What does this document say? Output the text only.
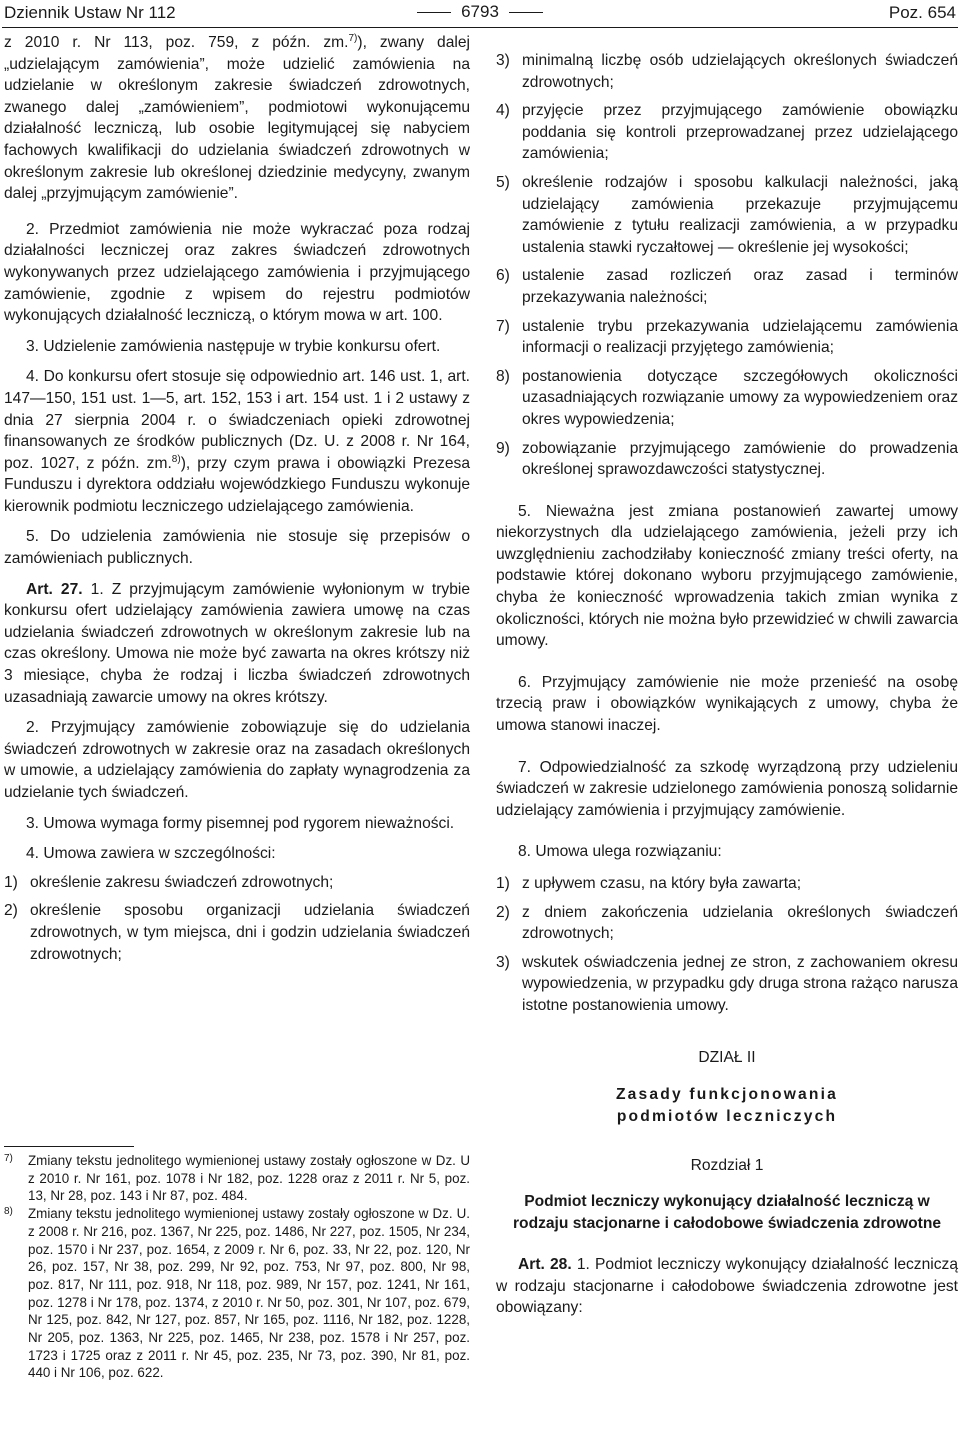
Dziennik Ustaw Nr 112	6793	Poz. 654

z 2010 r. Nr 113, poz. 759, z późn. zm.$^{7)}$), zwany dalej „udzielającym zamówienia”, może udzielić zamówienia na udzielanie w określonym zakresie świadczeń zdrowotnych, zwanego dalej „zamówieniem”, podmiotowi wykonującemu działalność leczniczą, lub osobie legitymującej się nabyciem fachowych kwalifikacji do udzielania świadczeń zdrowotnych w określonym zakresie lub określonej dziedzinie medycyny, zwanym dalej „przyjmującym zamówienie”.

2. Przedmiot zamówienia nie może wykraczać poza rodzaj działalności leczniczej oraz zakres świadczeń zdrowotnych wykonywanych przez udzielającego zamówienia i przyjmującego zamówienie, zgodnie z wpisem do rejestru podmiotów wykonujących działalność leczniczą, o którym mowa w art. 100.

3. Udzielenie zamówienia następuje w trybie konkursu ofert.

4. Do konkursu ofert stosuje się odpowiednio art. 146 ust. 1, art. 147—150, 151 ust. 1—5, art. 152, 153 i art. 154 ust. 1 i 2 ustawy z dnia 27 sierpnia 2004 r. o świadczeniach opieki zdrowotnej finansowanych ze środków publicznych (Dz. U. z 2008 r. Nr 164, poz. 1027, z późn. zm.$^{8)}$), przy czym prawa i obowiązki Prezesa Funduszu i dyrektora oddziału wojewódzkiego Funduszu wykonuje kierownik podmiotu leczniczego udzielającego zamówienia.

5. Do udzielenia zamówienia nie stosuje się przepisów o zamówieniach publicznych.

Art. 27. 1. Z przyjmującym zamówienie wyłonionym w trybie konkursu ofert udzielający zamówienia zawiera umowę na czas udzielania świadczeń zdrowotnych w określonym zakresie lub na czas określony. Umowa nie może być zawarta na okres krótszy niż 3 miesiące, chyba że rodzaj i liczba świadczeń zdrowotnych uzasadniają zawarcie umowy na okres krótszy.

2. Przyjmujący zamówienie zobowiązuje się do udzielania świadczeń zdrowotnych w zakresie oraz na zasadach określonych w umowie, a udzielający zamówienia do zapłaty wynagrodzenia za udzielanie tych świadczeń.

3. Umowa wymaga formy pisemnej pod rygorem nieważności.

4. Umowa zawiera w szczególności:

1) określenie zakresu świadczeń zdrowotnych;
2) określenie sposobu organizacji udzielania świadczeń zdrowotnych, w tym miejsca, dni i godzin udzielania świadczeń zdrowotnych;
7)	Zmiany tekstu jednolitego wymienionej ustawy zostały ogłoszone w Dz. U z 2010 r. Nr 161, poz. 1078 i Nr 182, poz. 1228 oraz z 2011 r. Nr 5, poz. 13, Nr 28, poz. 143 i Nr 87, poz. 484.
8)	Zmiany tekstu jednolitego wymienionej ustawy zostały ogłoszone w Dz. U. z 2008 r. Nr 216, poz. 1367, Nr 225, poz. 1486, Nr 227, poz. 1505, Nr 234, poz. 1570 i Nr 237, poz. 1654, z 2009 r. Nr 6, poz. 33, Nr 22, poz. 120, Nr 26, poz. 157, Nr 38, poz. 299, Nr 92, poz. 753, Nr 97, poz. 800, Nr 98, poz. 817, Nr 111, poz. 918, Nr 118, poz. 989, Nr 157, poz. 1241, Nr 161, poz. 1278 i Nr 178, poz. 1374, z 2010 r. Nr 50, poz. 301, Nr 107, poz. 679, Nr 125, poz. 842, Nr 127, poz. 857, Nr 165, poz. 1116, Nr 182, poz. 1228, Nr 205, poz. 1363, Nr 225, poz. 1465, Nr 238, poz. 1578 i Nr 257, poz. 1723 i 1725 oraz z 2011 r. Nr 45, poz. 235, Nr 73, poz. 390, Nr 81, poz. 440 i Nr 106, poz. 622.
3) minimalną liczbę osób udzielających określonych świadczeń zdrowotnych;
4) przyjęcie przez przyjmującego zamówienie obowiązku poddania się kontroli przeprowadzanej przez udzielającego zamówienia;
5) określenie rodzajów i sposobu kalkulacji należności, jaką udzielający zamówienia przekazuje przyjmującemu zamówienie z tytułu realizacji zamówienia, a w przypadku ustalenia stawki ryczałtowej — określenie jej wysokości;
6) ustalenie zasad rozliczeń oraz zasad i terminów przekazywania należności;
7) ustalenie trybu przekazywania udzielającemu zamówienia informacji o realizacji przyjętego zamówienia;
8) postanowienia dotyczące szczegółowych okoliczności uzasadniających rozwiązanie umowy za wypowiedzeniem oraz okres wypowiedzenia;
9) zobowiązanie przyjmującego zamówienie do prowadzenia określonej sprawozdawczości statystycznej.

5. Nieważna jest zmiana postanowień zawartej umowy niekorzystnych dla udzielającego zamówienia, jeżeli przy ich uwzględnieniu zachodziłaby konieczność zmiany treści oferty, na podstawie której dokonano wyboru przyjmującego zamówienie, chyba że konieczność wprowadzenia takich zmian wynika z okoliczności, których nie można było przewidzieć w chwili zawarcia umowy.

6. Przyjmujący zamówienie nie może przenieść na osobę trzecią praw i obowiązków wynikających z umowy, chyba że umowa stanowi inaczej.

7. Odpowiedzialność za szkodę wyrządzoną przy udzieleniu świadczeń w zakresie udzielonego zamówienia ponoszą solidarnie udzielający zamówienia i przyjmujący zamówienie.

8. Umowa ulega rozwiązaniu:

1) z upływem czasu, na który była zawarta;
2) z dniem zakończenia udzielania określonych świadczeń zdrowotnych;
3) wskutek oświadczenia jednej ze stron, z zachowaniem okresu wypowiedzenia, w przypadku gdy druga strona rażąco narusza istotne postanowienia umowy.

DZIAŁ II

Zasady funkcjonowania

podmiotów leczniczych

Rozdział 1

Podmiot leczniczy wykonujący działalność leczniczą w rodzaju stacjonarne i całodobowe świadczenia zdrowotne

Art. 28. 1. Podmiot leczniczy wykonujący działalność leczniczą w rodzaju stacjonarne i całodobowe świadczenia zdrowotne jest obowiązany:
